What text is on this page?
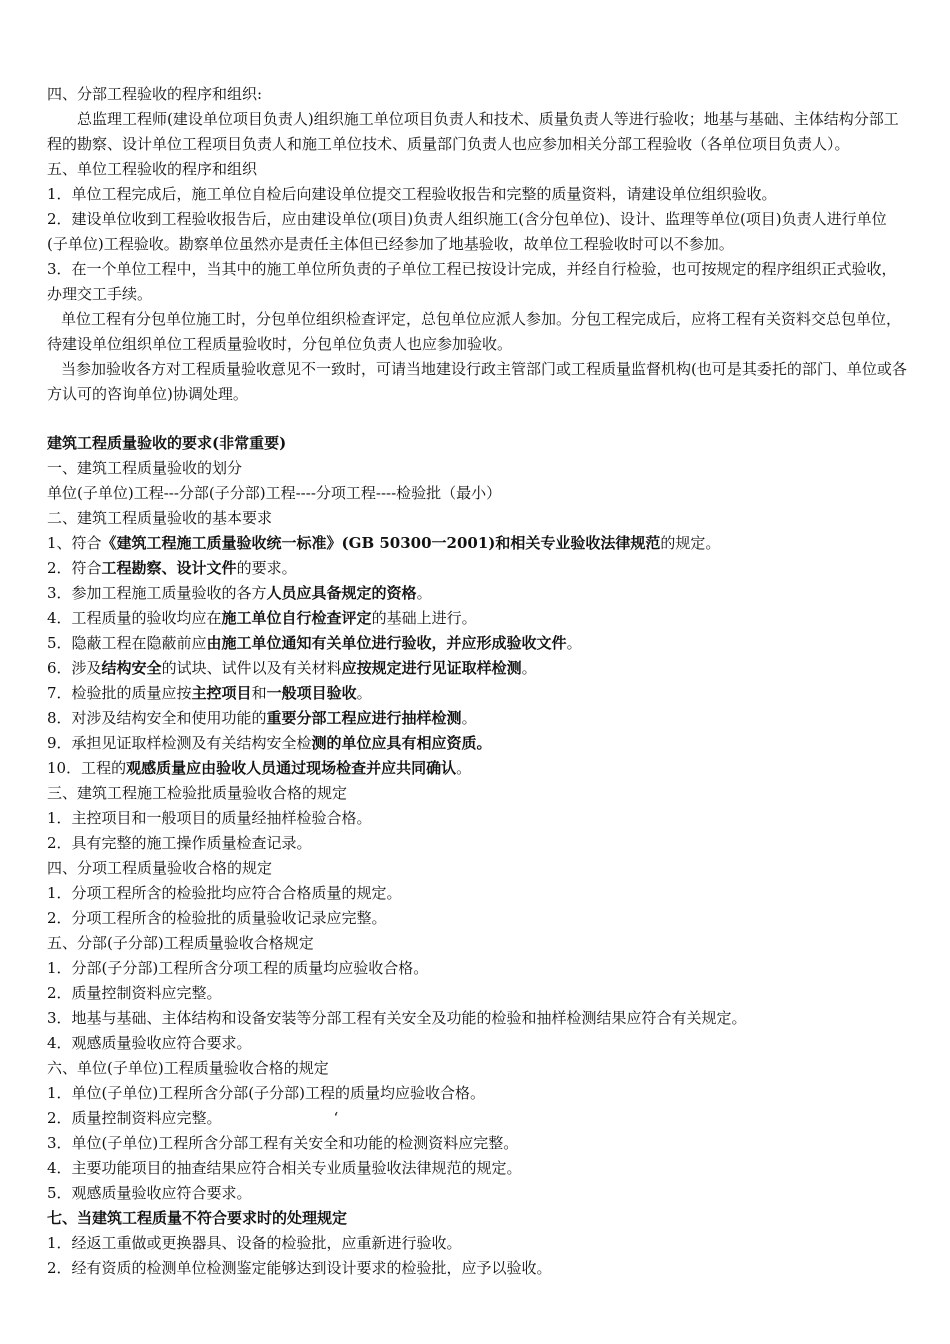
四、分部工程验收的程序和组织:

总监理工程师(建设单位项目负责人)组织施工单位项目负责人和技术、质量负责人等进行验收；地基与基础、主体结构分部工程的勘察、设计单位工程项目负责人和施工单位技术、质量部门负责人也应参加相关分部工程验收（各单位项目负责人）。

五、单位工程验收的程序和组织

1．单位工程完成后，施工单位自检后向建设单位提交工程验收报告和完整的质量资料，请建设单位组织验收。

2．建设单位收到工程验收报告后，应由建设单位(项目)负责人组织施工(含分包单位)、设计、监理等单位(项目)负责人进行单位(子单位)工程验收。勘察单位虽然亦是责任主体但已经参加了地基验收，故单位工程验收时可以不参加。

3．在一个单位工程中，当其中的施工单位所负责的子单位工程已按设计完成，并经自行检验，也可按规定的程序组织正式验收，办理交工手续。

单位工程有分包单位施工时，分包单位组织检查评定，总包单位应派人参加。分包工程完成后，应将工程有关资料交总包单位，待建设单位组织单位工程质量验收时，分包单位负责人也应参加验收。

当参加验收各方对工程质量验收意见不一致时，可请当地建设行政主管部门或工程质量监督机构(也可是其委托的部门、单位或各方认可的咨询单位)协调处理。

建筑工程质量验收的要求(非常重要)

一、建筑工程质量验收的划分

单位(子单位)工程---分部(子分部)工程----分项工程----检验批（最小）

二、建筑工程质量验收的基本要求

1、符合《建筑工程施工质量验收统一标准》(GB 50300一2001)和相关专业验收法律规范的规定。

2．符合工程勘察、设计文件的要求。

3．参加工程施工质量验收的各方人员应具备规定的资格。

4．工程质量的验收均应在施工单位自行检查评定的基础上进行。

5．隐蔽工程在隐蔽前应由施工单位通知有关单位进行验收，并应形成验收文件。

6．涉及结构安全的试块、试件以及有关材料应按规定进行见证取样检测。

7．检验批的质量应按主控项目和一般项目验收。

8．对涉及结构安全和使用功能的重要分部工程应进行抽样检测。

9．承担见证取样检测及有关结构安全检测的单位应具有相应资质。

10．工程的观感质量应由验收人员通过现场检查并应共同确认。

三、建筑工程施工检验批质量验收合格的规定

1．主控项目和一般项目的质量经抽样检验合格。

2．具有完整的施工操作质量检查记录。

四、分项工程质量验收合格的规定

1．分项工程所含的检验批均应符合合格质量的规定。

2．分项工程所含的检验批的质量验收记录应完整。

五、分部(子分部)工程质量验收合格规定

1．分部(子分部)工程所含分项工程的质量均应验收合格。

2．质量控制资料应完整。

3．地基与基础、主体结构和设备安装等分部工程有关安全及功能的检验和抽样检测结果应符合有关规定。

4．观感质量验收应符合要求。

六、单位(子单位)工程质量验收合格的规定

1．单位(子单位)工程所含分部(子分部)工程的质量均应验收合格。

2．质量控制资料应完整。	‘

3．单位(子单位)工程所含分部工程有关安全和功能的检测资料应完整。

4．主要功能项目的抽查结果应符合相关专业质量验收法律规范的规定。

5．观感质量验收应符合要求。

七、当建筑工程质量不符合要求时的处理规定

1．经返工重做或更换器具、设备的检验批，应重新进行验收。

2．经有资质的检测单位检测鉴定能够达到设计要求的检验批，应予以验收。
